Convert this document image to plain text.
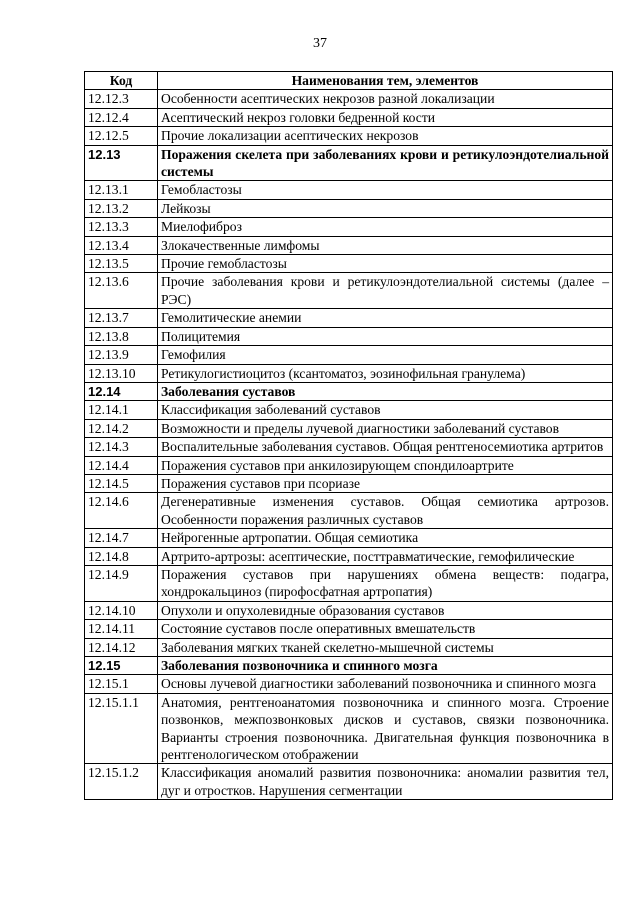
37
Код	Наименования тем, элементов
12.12.3	Особенности асептических некрозов разной локализации
12.12.4	Асептический некроз головки бедренной кости
12.12.5	Прочие локализации асептических некрозов
12.13	Поражения скелета при заболеваниях крови и ретикулоэндотелиальной системы
12.13.1	Гемобластозы
12.13.2	Лейкозы
12.13.3	Миелофиброз
12.13.4	Злокачественные лимфомы
12.13.5	Прочие гемобластозы
12.13.6	Прочие заболевания крови и ретикулоэндотелиальной системы (далее – РЭС)
12.13.7	Гемолитические анемии
12.13.8	Полицитемия
12.13.9	Гемофилия
12.13.10	Ретикулогистиоцитоз (ксантоматоз, эозинофильная гранулема)
12.14	Заболевания суставов
12.14.1	Классификация заболеваний суставов
12.14.2	Возможности и пределы лучевой диагностики заболеваний суставов
12.14.3	Воспалительные заболевания суставов. Общая рентгеносемиотика артритов
12.14.4	Поражения суставов при анкилозирующем спондилоартрите
12.14.5	Поражения суставов при псориазе
12.14.6	Дегенеративные изменения суставов. Общая семиотика артрозов. Особенности поражения различных суставов
12.14.7	Нейрогенные артропатии. Общая семиотика
12.14.8	Артрито-артрозы: асептические, посттравматические, гемофилические
12.14.9	Поражения суставов при нарушениях обмена веществ: подагра, хондрокальциноз (пирофосфатная артропатия)
12.14.10	Опухоли и опухолевидные образования суставов
12.14.11	Состояние суставов после оперативных вмешательств
12.14.12	Заболевания мягких тканей скелетно-мышечной системы
12.15	Заболевания позвоночника и спинного мозга
12.15.1	Основы лучевой диагностики заболеваний позвоночника и спинного мозга
12.15.1.1	Анатомия, рентгеноанатомия позвоночника и спинного мозга. Строение позвонков, межпозвонковых дисков и суставов, связки позвоночника. Варианты строения позвоночника. Двигательная функция позвоночника в рентгенологическом отображении
12.15.1.2	Классификация аномалий развития позвоночника: аномалии развития тел, дуг и отростков. Нарушения сегментации
